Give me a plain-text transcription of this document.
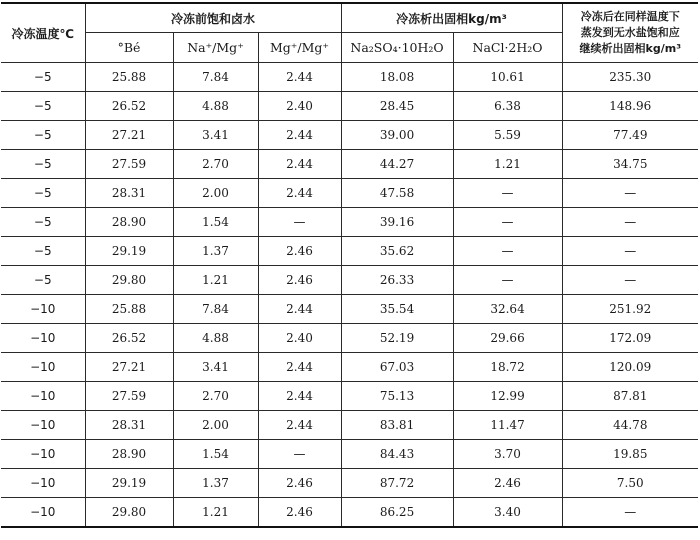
冷冻温度℃	冷冻前饱和卤水			冷冻析出固相kg/m³		冷冻后在同样温度下
蒸发到无水盐饱和应
继续析出固相kg/m³
	°Bé	Na⁺/Mg⁺	Mg⁺/Mg⁺	Na₂SO₄·10H₂O	NaCl·2H₂O	
−5	25.88	7.84	2.44	18.08	10.61	235.30
−5	26.52	4.88	2.40	28.45	6.38	148.96
−5	27.21	3.41	2.44	39.00	5.59	77.49
−5	27.59	2.70	2.44	44.27	1.21	34.75
−5	28.31	2.00	2.44	47.58	—	—
−5	28.90	1.54	—	39.16	—	—
−5	29.19	1.37	2.46	35.62	—	—
−5	29.80	1.21	2.46	26.33	—	—
−10	25.88	7.84	2.44	35.54	32.64	251.92
−10	26.52	4.88	2.40	52.19	29.66	172.09
−10	27.21	3.41	2.44	67.03	18.72	120.09
−10	27.59	2.70	2.44	75.13	12.99	87.81
−10	28.31	2.00	2.44	83.81	11.47	44.78
−10	28.90	1.54	—	84.43	3.70	19.85
−10	29.19	1.37	2.46	87.72	2.46	7.50
−10	29.80	1.21	2.46	86.25	3.40	—
